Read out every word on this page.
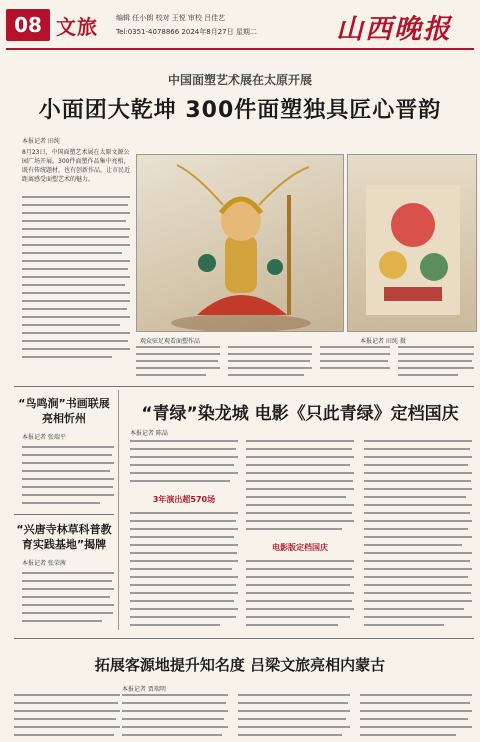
08 文旅	编辑 任小朗 校对 王悦 审校 吕佳艺
Tel:0351-4078866 2024年8月27日 星期二	山西晚报
中国面塑艺术展在太原开展
小面团大乾坤 300件面塑独具匠心晋韵
本报记者 田纯
8月23日，中国面塑艺术展在太原文源公园广场开展。300件面塑作品集中亮相，既有传统题材，也有创新作品，让市民近距离感受面塑艺术的魅力。
观众驻足观看面塑作品	本报记者 田纯 摄
“鸟鸣涧”书画联展亮相忻州
本报记者 张瑞平
“兴唐寺林草科普教育实践基地”揭牌
本报记者 张荣茜
“青绿”染龙城 电影《只此青绿》定档国庆
本报记者 陈晶
3年演出超570场
电影版定档国庆
拓展客源地提升知名度 吕梁文旅亮相内蒙古
本报记者 贾瑞明
